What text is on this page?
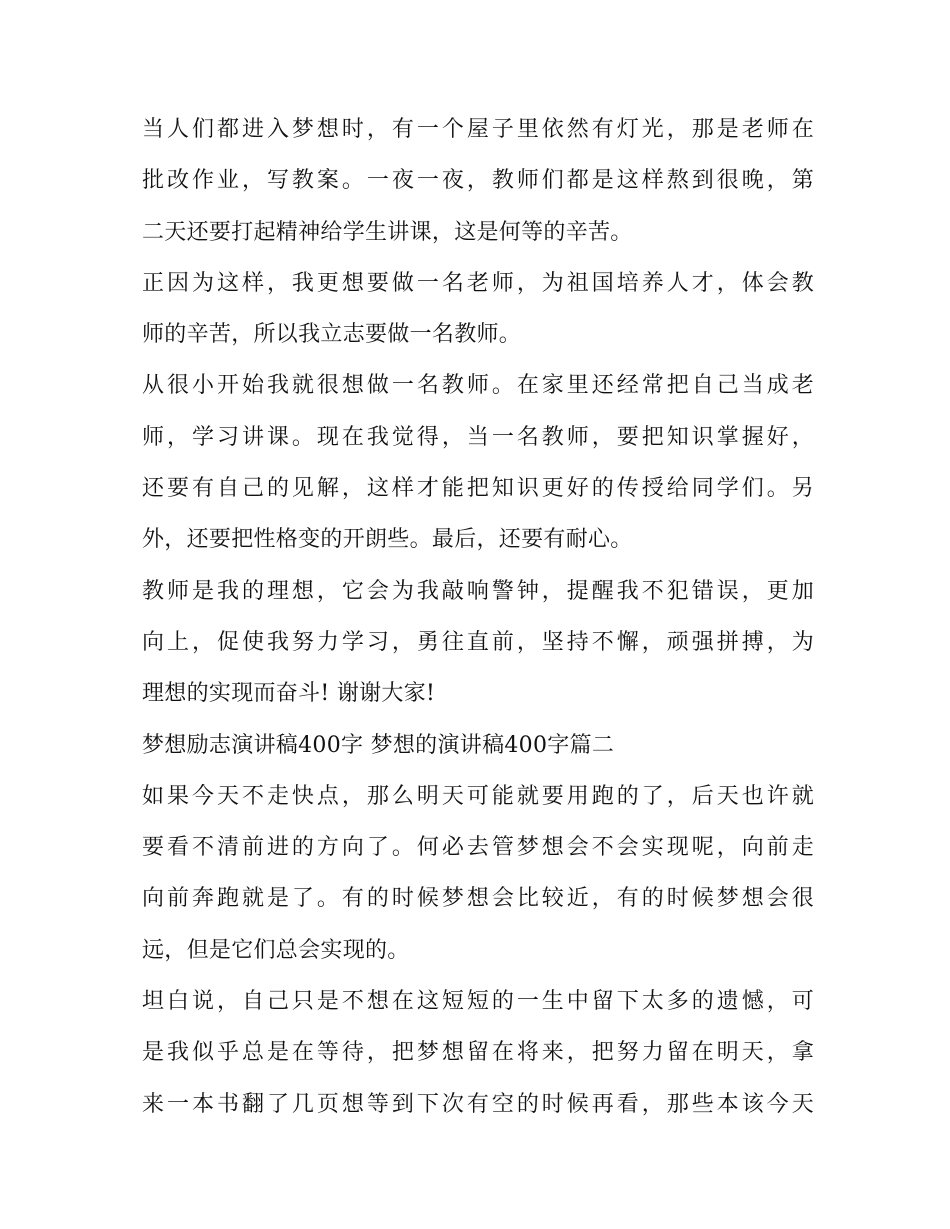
当人们都进入梦想时，有一个屋子里依然有灯光，那是老师在
批改作业，写教案。一夜一夜，教师们都是这样熬到很晚，第
二天还要打起精神给学生讲课，这是何等的辛苦。
正因为这样，我更想要做一名老师，为祖国培养人才，体会教
师的辛苦，所以我立志要做一名教师。
从很小开始我就很想做一名教师。在家里还经常把自己当成老
师，学习讲课。现在我觉得，当一名教师，要把知识掌握好，
还要有自己的见解，这样才能把知识更好的传授给同学们。另
外，还要把性格变的开朗些。最后，还要有耐心。
教师是我的理想，它会为我敲响警钟，提醒我不犯错误，更加
向上，促使我努力学习，勇往直前，坚持不懈，顽强拼搏，为
理想的实现而奋斗! 谢谢大家!
梦想励志演讲稿400字 梦想的演讲稿400字篇二
如果今天不走快点，那么明天可能就要用跑的了，后天也许就
要看不清前进的方向了。何必去管梦想会不会实现呢，向前走
向前奔跑就是了。有的时候梦想会比较近，有的时候梦想会很
远，但是它们总会实现的。
坦白说，自己只是不想在这短短的一生中留下太多的遗憾，可
是我似乎总是在等待，把梦想留在将来，把努力留在明天，拿
来一本书翻了几页想等到下次有空的时候再看，那些本该今天
